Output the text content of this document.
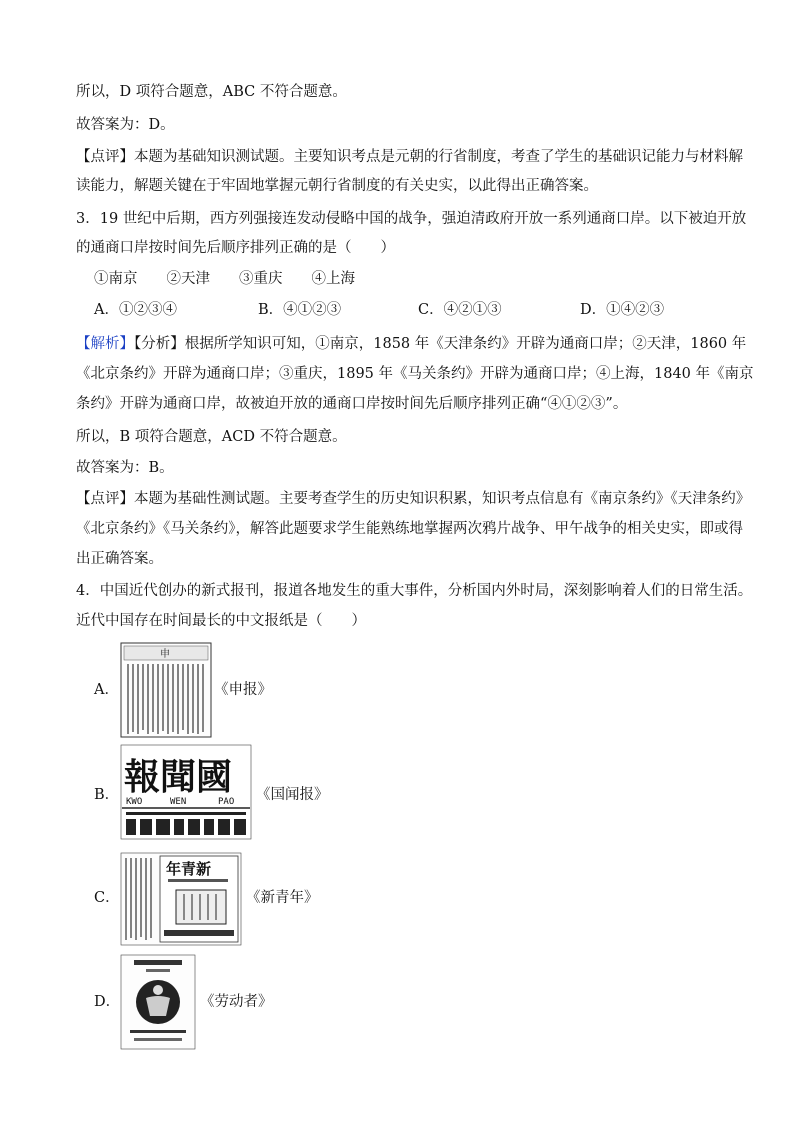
所以，D 项符合题意，ABC 不符合题意。
故答案为：D。
【点评】本题为基础知识测试题。主要知识考点是元朝的行省制度，考查了学生的基础识记能力与材料解
读能力，解题关键在于牢固地掌握元朝行省制度的有关史实，以此得出正确答案。
3．19 世纪中后期，西方列强接连发动侵略中国的战争，强迫清政府开放一系列通商口岸。以下被迫开放
的通商口岸按时间先后顺序排列正确的是（　　）
①南京　　②天津　　③重庆　　④上海
A．①②③④	B．④①②③	C．④②①③	D．①④②③
【解析】【分析】根据所学知识可知，①南京，1858 年《天津条约》开辟为通商口岸；②天津，1860 年
《北京条约》开辟为通商口岸；③重庆，1895 年《马关条约》开辟为通商口岸；④上海，1840 年《南京
条约》开辟为通商口岸，故被迫开放的通商口岸按时间先后顺序排列正确“④①②③”。
所以，B 项符合题意，ACD 不符合题意。
故答案为：B。
【点评】本题为基础性测试题。主要考查学生的历史知识积累，知识考点信息有《南京条约》《天津条约》
《北京条约》《马关条约》，解答此题要求学生能熟练地掌握两次鸦片战争、甲午战争的相关史实，即或得
出正确答案。
4．中国近代创办的新式报刊，报道各地发生的重大事件，分析国内外时局，深刻影响着人们的日常生活。
近代中国存在时间最长的中文报纸是（　　）
A．
申
《申报》
B． 報聞國
KWO	WEN	PAO 《国闻报》
C．
年青新
《新青年》
D．	《劳动者》
